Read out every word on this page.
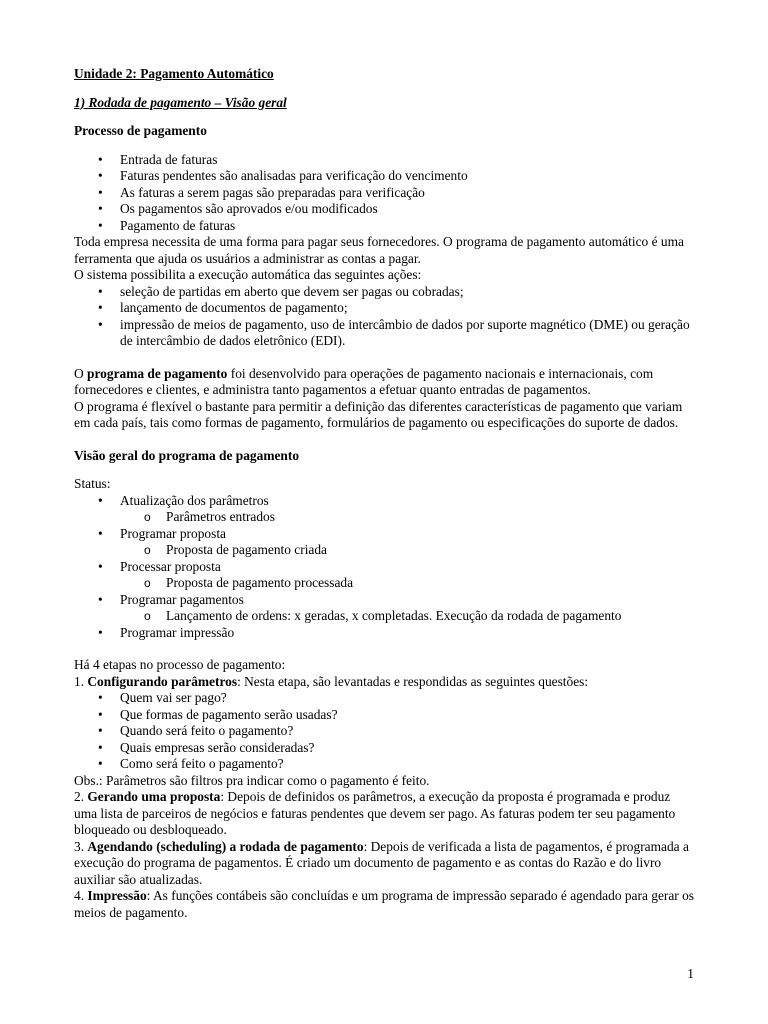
Unidade 2: Pagamento Automático
1) Rodada de pagamento – Visão geral
Processo de pagamento
• Entrada de faturas
• Faturas pendentes são analisadas para verificação do vencimento
• As faturas a serem pagas são preparadas para verificação
• Os pagamentos são aprovados e/ou modificados
• Pagamento de faturas

Toda empresa necessita de uma forma para pagar seus fornecedores. O programa de pagamento automático é uma ferramenta que ajuda os usuários a administrar as contas a pagar.

O sistema possibilita a execução automática das seguintes ações:

• seleção de partidas em aberto que devem ser pagas ou cobradas;
• lançamento de documentos de pagamento;
• impressão de meios de pagamento, uso de intercâmbio de dados por suporte magnético (DME) ou geração de intercâmbio de dados eletrônico (EDI).

O programa de pagamento foi desenvolvido para operações de pagamento nacionais e internacionais, com fornecedores e clientes, e administra tanto pagamentos a efetuar quanto entradas de pagamentos.

O programa é flexível o bastante para permitir a definição das diferentes características de pagamento que variam em cada país, tais como formas de pagamento, formulários de pagamento ou especificações do suporte de dados.

Visão geral do programa de pagamento

Status:

• Atualização dos parâmetros
o Parâmetros entrados
• Programar proposta
o Proposta de pagamento criada
• Processar proposta
o Proposta de pagamento processada
• Programar pagamentos
o Lançamento de ordens: x geradas, x completadas. Execução da rodada de pagamento
• Programar impressão

Há 4 etapas no processo de pagamento:

1. Configurando parâmetros: Nesta etapa, são levantadas e respondidas as seguintes questões:

• Quem vai ser pago?
• Que formas de pagamento serão usadas?
• Quando será feito o pagamento?
• Quais empresas serão consideradas?
• Como será feito o pagamento?

Obs.: Parâmetros são filtros pra indicar como o pagamento é feito.

2. Gerando uma proposta: Depois de definidos os parâmetros, a execução da proposta é programada e produz uma lista de parceiros de negócios e faturas pendentes que devem ser pago. As faturas podem ter seu pagamento bloqueado ou desbloqueado.

3. Agendando (scheduling) a rodada de pagamento: Depois de verificada a lista de pagamentos, é programada a execução do programa de pagamentos. É criado um documento de pagamento e as contas do Razão e do livro auxiliar são atualizadas.

4. Impressão: As funções contábeis são concluídas e um programa de impressão separado é agendado para gerar os meios de pagamento.

1
